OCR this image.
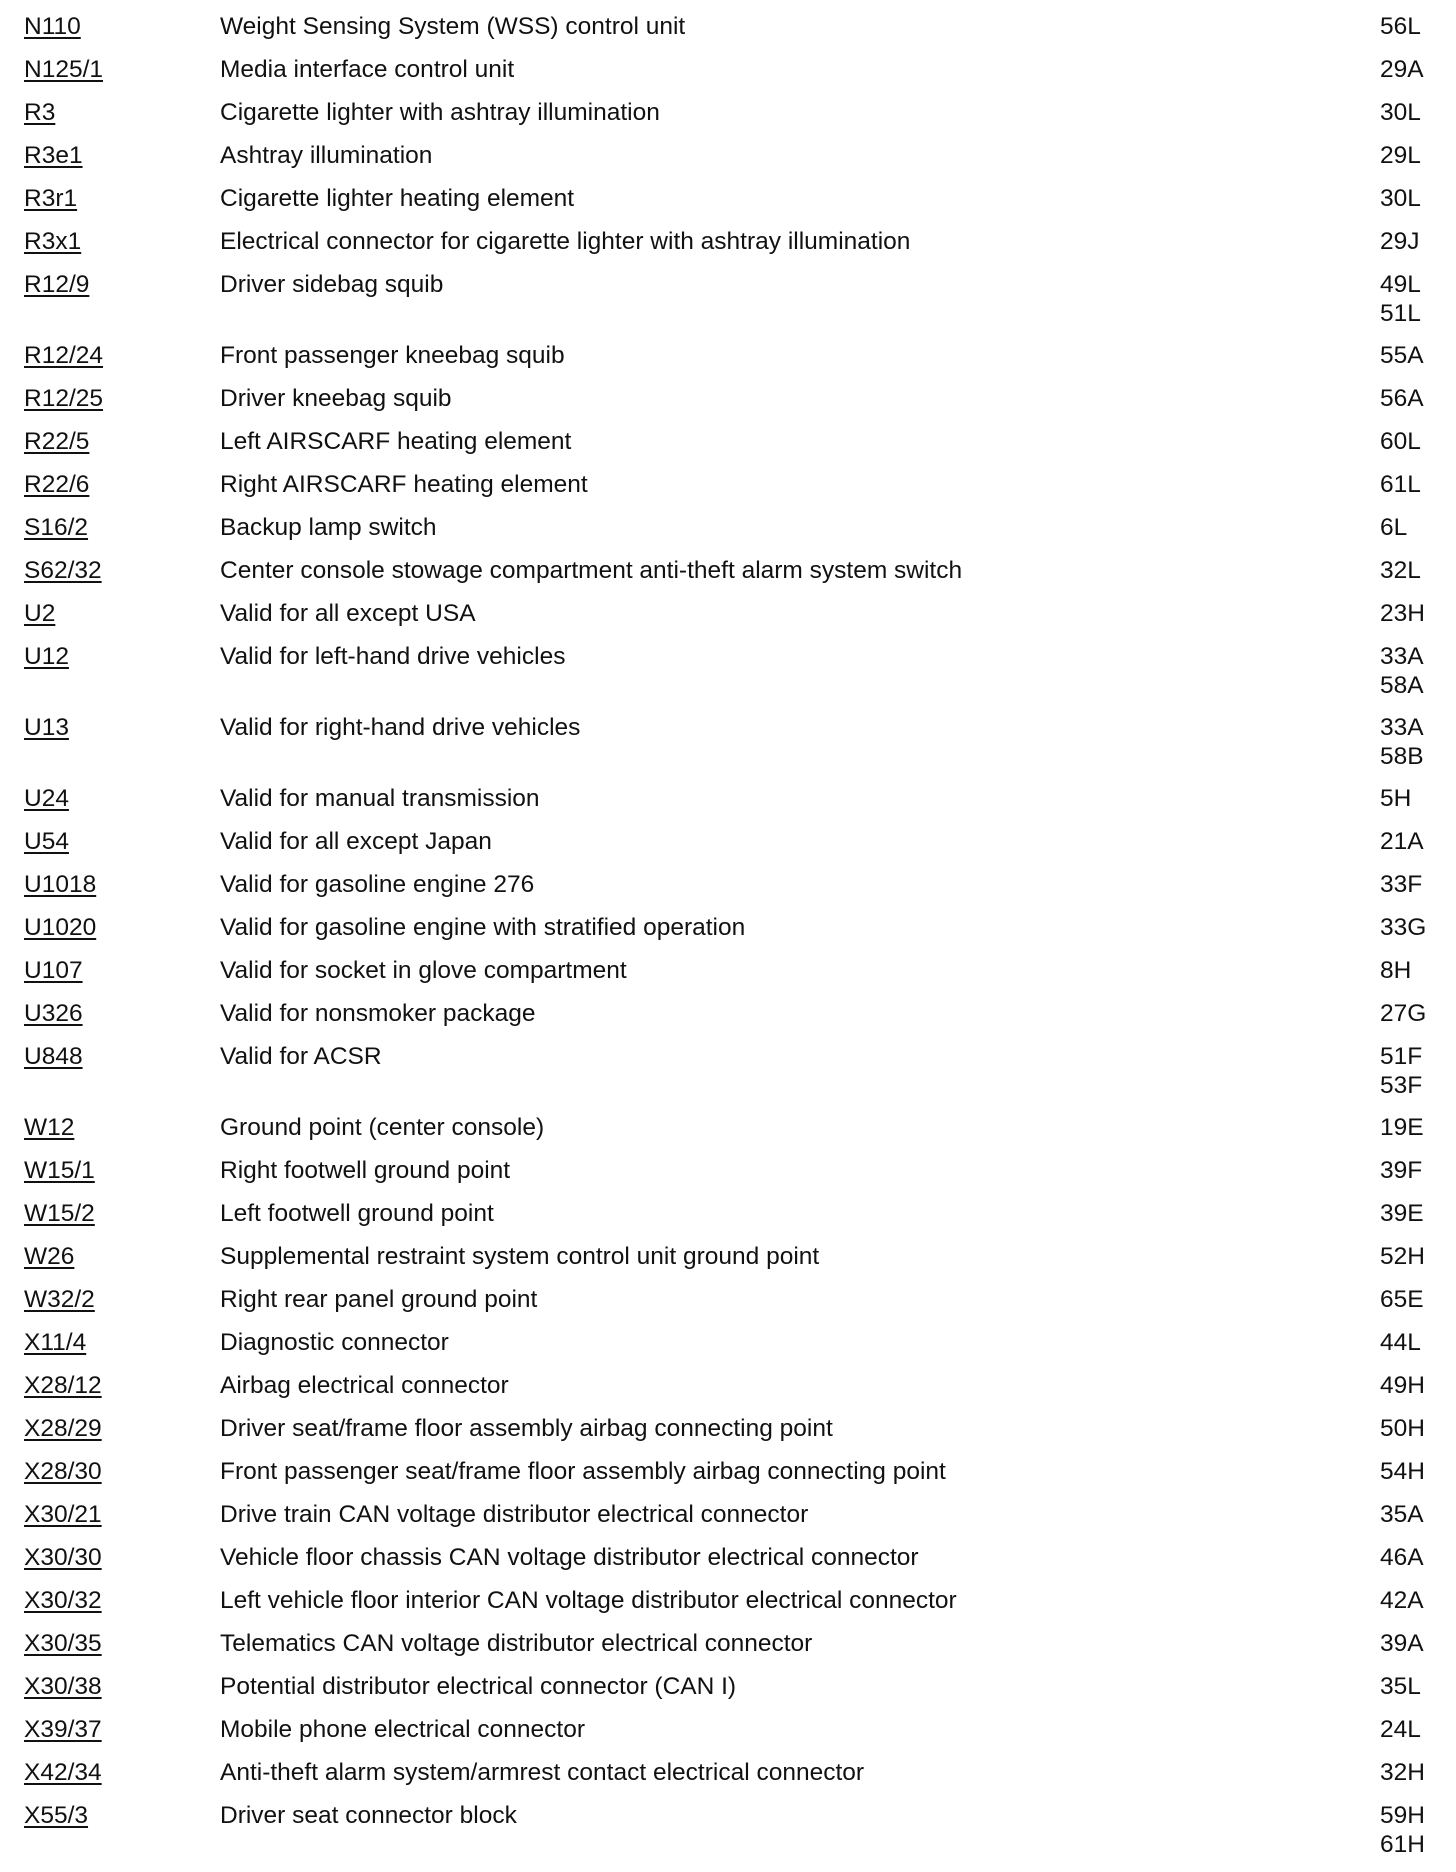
N110	Weight Sensing System (WSS) control unit	56L
N125/1	Media interface control unit	29A
R3	Cigarette lighter with ashtray illumination	30L
R3e1	Ashtray illumination	29L
R3r1	Cigarette lighter heating element	30L
R3x1	Electrical connector for cigarette lighter with ashtray illumination	29J
R12/9	Driver sidebag squib	49L
51L
R12/24	Front passenger kneebag squib	55A
R12/25	Driver kneebag squib	56A
R22/5	Left AIRSCARF heating element	60L
R22/6	Right AIRSCARF heating element	61L
S16/2	Backup lamp switch	6L
S62/32	Center console stowage compartment anti-theft alarm system switch	32L
U2	Valid for all except USA	23H
U12	Valid for left-hand drive vehicles	33A
58A
U13	Valid for right-hand drive vehicles	33A
58B
U24	Valid for manual transmission	5H
U54	Valid for all except Japan	21A
U1018	Valid for gasoline engine 276	33F
U1020	Valid for gasoline engine with stratified operation	33G
U107	Valid for socket in glove compartment	8H
U326	Valid for nonsmoker package	27G
U848	Valid for ACSR	51F
53F
W12	Ground point (center console)	19E
W15/1	Right footwell ground point	39F
W15/2	Left footwell ground point	39E
W26	Supplemental restraint system control unit ground point	52H
W32/2	Right rear panel ground point	65E
X11/4	Diagnostic connector	44L
X28/12	Airbag electrical connector	49H
X28/29	Driver seat/frame floor assembly airbag connecting point	50H
X28/30	Front passenger seat/frame floor assembly airbag connecting point	54H
X30/21	Drive train CAN voltage distributor electrical connector	35A
X30/30	Vehicle floor chassis CAN voltage distributor electrical connector	46A
X30/32	Left vehicle floor interior CAN voltage distributor electrical connector	42A
X30/35	Telematics CAN voltage distributor electrical connector	39A
X30/38	Potential distributor electrical connector (CAN I)	35L
X39/37	Mobile phone electrical connector	24L
X42/34	Anti-theft alarm system/armrest contact electrical connector	32H
X55/3	Driver seat connector block	59H
61H
